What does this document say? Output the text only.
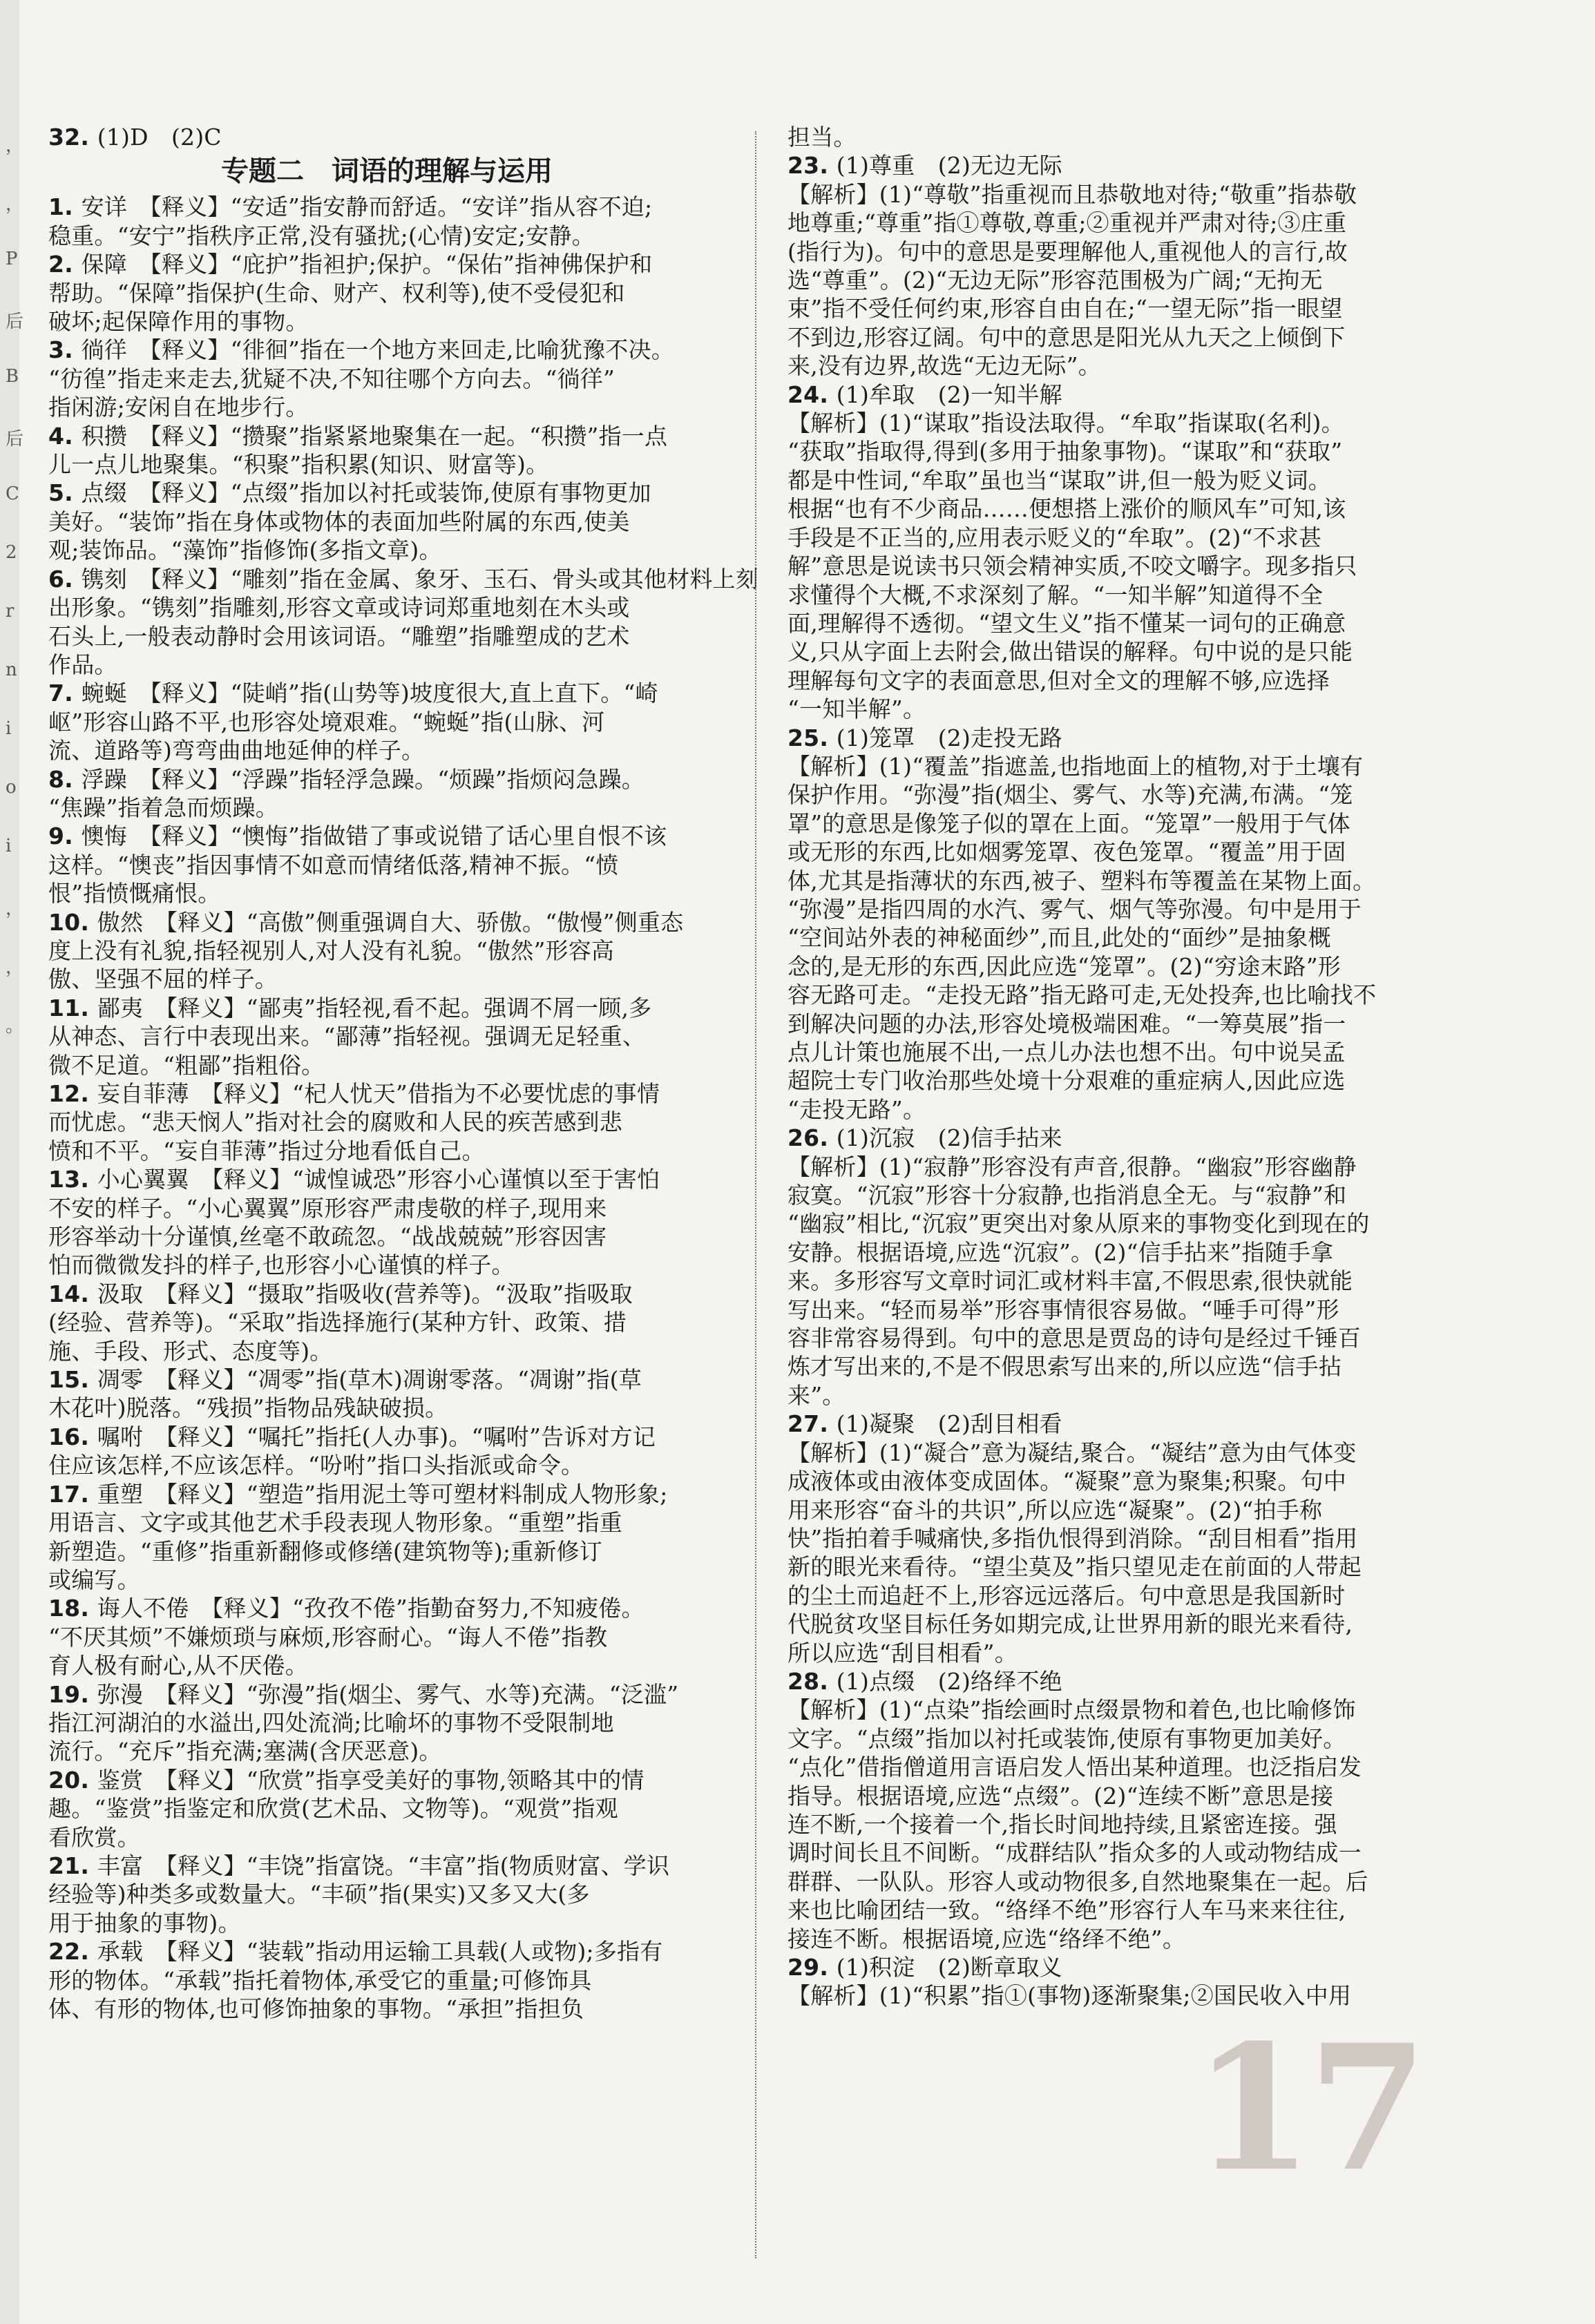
，
，
P
后
B
后
C
2
r
n
i
o
i
，
，
。
32. (1)D　(2)C
专题二　词语的理解与运用
1. 安详　【释义】“安适”指安静而舒适。“安详”指从容不迫;
稳重。“安宁”指秩序正常,没有骚扰;(心情)安定;安静。
2. 保障　【释义】“庇护”指袒护;保护。“保佑”指神佛保护和
帮助。“保障”指保护(生命、财产、权利等),使不受侵犯和
破坏;起保障作用的事物。
3. 徜徉　【释义】“徘徊”指在一个地方来回走,比喻犹豫不决。
“彷徨”指走来走去,犹疑不决,不知往哪个方向去。“徜徉”
指闲游;安闲自在地步行。
4. 积攒　【释义】“攒聚”指紧紧地聚集在一起。“积攒”指一点
儿一点儿地聚集。“积聚”指积累(知识、财富等)。
5. 点缀　【释义】“点缀”指加以衬托或装饰,使原有事物更加
美好。“装饰”指在身体或物体的表面加些附属的东西,使美
观;装饰品。“藻饰”指修饰(多指文章)。
6. 镌刻　【释义】“雕刻”指在金属、象牙、玉石、骨头或其他材料上刻
出形象。“镌刻”指雕刻,形容文章或诗词郑重地刻在木头或
石头上,一般表动静时会用该词语。“雕塑”指雕塑成的艺术
作品。
7. 蜿蜒　【释义】“陡峭”指(山势等)坡度很大,直上直下。“崎
岖”形容山路不平,也形容处境艰难。“蜿蜒”指(山脉、河
流、道路等)弯弯曲曲地延伸的样子。
8. 浮躁　【释义】“浮躁”指轻浮急躁。“烦躁”指烦闷急躁。
“焦躁”指着急而烦躁。
9. 懊悔　【释义】“懊悔”指做错了事或说错了话心里自恨不该
这样。“懊丧”指因事情不如意而情绪低落,精神不振。“愤
恨”指愤慨痛恨。
10. 傲然　【释义】“高傲”侧重强调自大、骄傲。“傲慢”侧重态
度上没有礼貌,指轻视别人,对人没有礼貌。“傲然”形容高
傲、坚强不屈的样子。
11. 鄙夷　【释义】“鄙夷”指轻视,看不起。强调不屑一顾,多
从神态、言行中表现出来。“鄙薄”指轻视。强调无足轻重、
微不足道。“粗鄙”指粗俗。
12. 妄自菲薄　【释义】“杞人忧天”借指为不必要忧虑的事情
而忧虑。“悲天悯人”指对社会的腐败和人民的疾苦感到悲
愤和不平。“妄自菲薄”指过分地看低自己。
13. 小心翼翼　【释义】“诚惶诚恐”形容小心谨慎以至于害怕
不安的样子。“小心翼翼”原形容严肃虔敬的样子,现用来
形容举动十分谨慎,丝毫不敢疏忽。“战战兢兢”形容因害
怕而微微发抖的样子,也形容小心谨慎的样子。
14. 汲取　【释义】“摄取”指吸收(营养等)。“汲取”指吸取
(经验、营养等)。“采取”指选择施行(某种方针、政策、措
施、手段、形式、态度等)。
15. 凋零　【释义】“凋零”指(草木)凋谢零落。“凋谢”指(草
木花叶)脱落。“残损”指物品残缺破损。
16. 嘱咐　【释义】“嘱托”指托(人办事)。“嘱咐”告诉对方记
住应该怎样,不应该怎样。“吩咐”指口头指派或命令。
17. 重塑　【释义】“塑造”指用泥土等可塑材料制成人物形象;
用语言、文字或其他艺术手段表现人物形象。“重塑”指重
新塑造。“重修”指重新翻修或修缮(建筑物等);重新修订
或编写。
18. 诲人不倦　【释义】“孜孜不倦”指勤奋努力,不知疲倦。
“不厌其烦”不嫌烦琐与麻烦,形容耐心。“诲人不倦”指教
育人极有耐心,从不厌倦。
19. 弥漫　【释义】“弥漫”指(烟尘、雾气、水等)充满。“泛滥”
指江河湖泊的水溢出,四处流淌;比喻坏的事物不受限制地
流行。“充斥”指充满;塞满(含厌恶意)。
20. 鉴赏　【释义】“欣赏”指享受美好的事物,领略其中的情
趣。“鉴赏”指鉴定和欣赏(艺术品、文物等)。“观赏”指观
看欣赏。
21. 丰富　【释义】“丰饶”指富饶。“丰富”指(物质财富、学识
经验等)种类多或数量大。“丰硕”指(果实)又多又大(多
用于抽象的事物)。
22. 承载　【释义】“装载”指动用运输工具载(人或物);多指有
形的物体。“承载”指托着物体,承受它的重量;可修饰具
体、有形的物体,也可修饰抽象的事物。“承担”指担负
担当。
23. (1)尊重　(2)无边无际
【解析】(1)“尊敬”指重视而且恭敬地对待;“敬重”指恭敬
地尊重;“尊重”指①尊敬,尊重;②重视并严肃对待;③庄重
(指行为)。句中的意思是要理解他人,重视他人的言行,故
选“尊重”。(2)“无边无际”形容范围极为广阔;“无拘无
束”指不受任何约束,形容自由自在;“一望无际”指一眼望
不到边,形容辽阔。句中的意思是阳光从九天之上倾倒下
来,没有边界,故选“无边无际”。
24. (1)牟取　(2)一知半解
【解析】(1)“谋取”指设法取得。“牟取”指谋取(名利)。
“获取”指取得,得到(多用于抽象事物)。“谋取”和“获取”
都是中性词,“牟取”虽也当“谋取”讲,但一般为贬义词。
根据“也有不少商品……便想搭上涨价的顺风车”可知,该
手段是不正当的,应用表示贬义的“牟取”。(2)“不求甚
解”意思是说读书只领会精神实质,不咬文嚼字。现多指只
求懂得个大概,不求深刻了解。“一知半解”知道得不全
面,理解得不透彻。“望文生义”指不懂某一词句的正确意
义,只从字面上去附会,做出错误的解释。句中说的是只能
理解每句文字的表面意思,但对全文的理解不够,应选择
“一知半解”。
25. (1)笼罩　(2)走投无路
【解析】(1)“覆盖”指遮盖,也指地面上的植物,对于土壤有
保护作用。“弥漫”指(烟尘、雾气、水等)充满,布满。“笼
罩”的意思是像笼子似的罩在上面。“笼罩”一般用于气体
或无形的东西,比如烟雾笼罩、夜色笼罩。“覆盖”用于固
体,尤其是指薄状的东西,被子、塑料布等覆盖在某物上面。
“弥漫”是指四周的水汽、雾气、烟气等弥漫。句中是用于
“空间站外表的神秘面纱”,而且,此处的“面纱”是抽象概
念的,是无形的东西,因此应选“笼罩”。(2)“穷途末路”形
容无路可走。“走投无路”指无路可走,无处投奔,也比喻找不
到解决问题的办法,形容处境极端困难。“一筹莫展”指一
点儿计策也施展不出,一点儿办法也想不出。句中说吴孟
超院士专门收治那些处境十分艰难的重症病人,因此应选
“走投无路”。
26. (1)沉寂　(2)信手拈来
【解析】(1)“寂静”形容没有声音,很静。“幽寂”形容幽静
寂寞。“沉寂”形容十分寂静,也指消息全无。与“寂静”和
“幽寂”相比,“沉寂”更突出对象从原来的事物变化到现在的
安静。根据语境,应选“沉寂”。(2)“信手拈来”指随手拿
来。多形容写文章时词汇或材料丰富,不假思索,很快就能
写出来。“轻而易举”形容事情很容易做。“唾手可得”形
容非常容易得到。句中的意思是贾岛的诗句是经过千锤百
炼才写出来的,不是不假思索写出来的,所以应选“信手拈
来”。
27. (1)凝聚　(2)刮目相看
【解析】(1)“凝合”意为凝结,聚合。“凝结”意为由气体变
成液体或由液体变成固体。“凝聚”意为聚集;积聚。句中
用来形容“奋斗的共识”,所以应选“凝聚”。(2)“拍手称
快”指拍着手喊痛快,多指仇恨得到消除。“刮目相看”指用
新的眼光来看待。“望尘莫及”指只望见走在前面的人带起
的尘土而追赶不上,形容远远落后。句中意思是我国新时
代脱贫攻坚目标任务如期完成,让世界用新的眼光来看待,
所以应选“刮目相看”。
28. (1)点缀　(2)络绎不绝
【解析】(1)“点染”指绘画时点缀景物和着色,也比喻修饰
文字。“点缀”指加以衬托或装饰,使原有事物更加美好。
“点化”借指僧道用言语启发人悟出某种道理。也泛指启发
指导。根据语境,应选“点缀”。(2)“连续不断”意思是接
连不断,一个接着一个,指长时间地持续,且紧密连接。强
调时间长且不间断。“成群结队”指众多的人或动物结成一
群群、一队队。形容人或动物很多,自然地聚集在一起。后
来也比喻团结一致。“络绎不绝”形容行人车马来来往往,
接连不断。根据语境,应选“络绎不绝”。
29. (1)积淀　(2)断章取义
【解析】(1)“积累”指①(事物)逐渐聚集;②国民收入中用
17
